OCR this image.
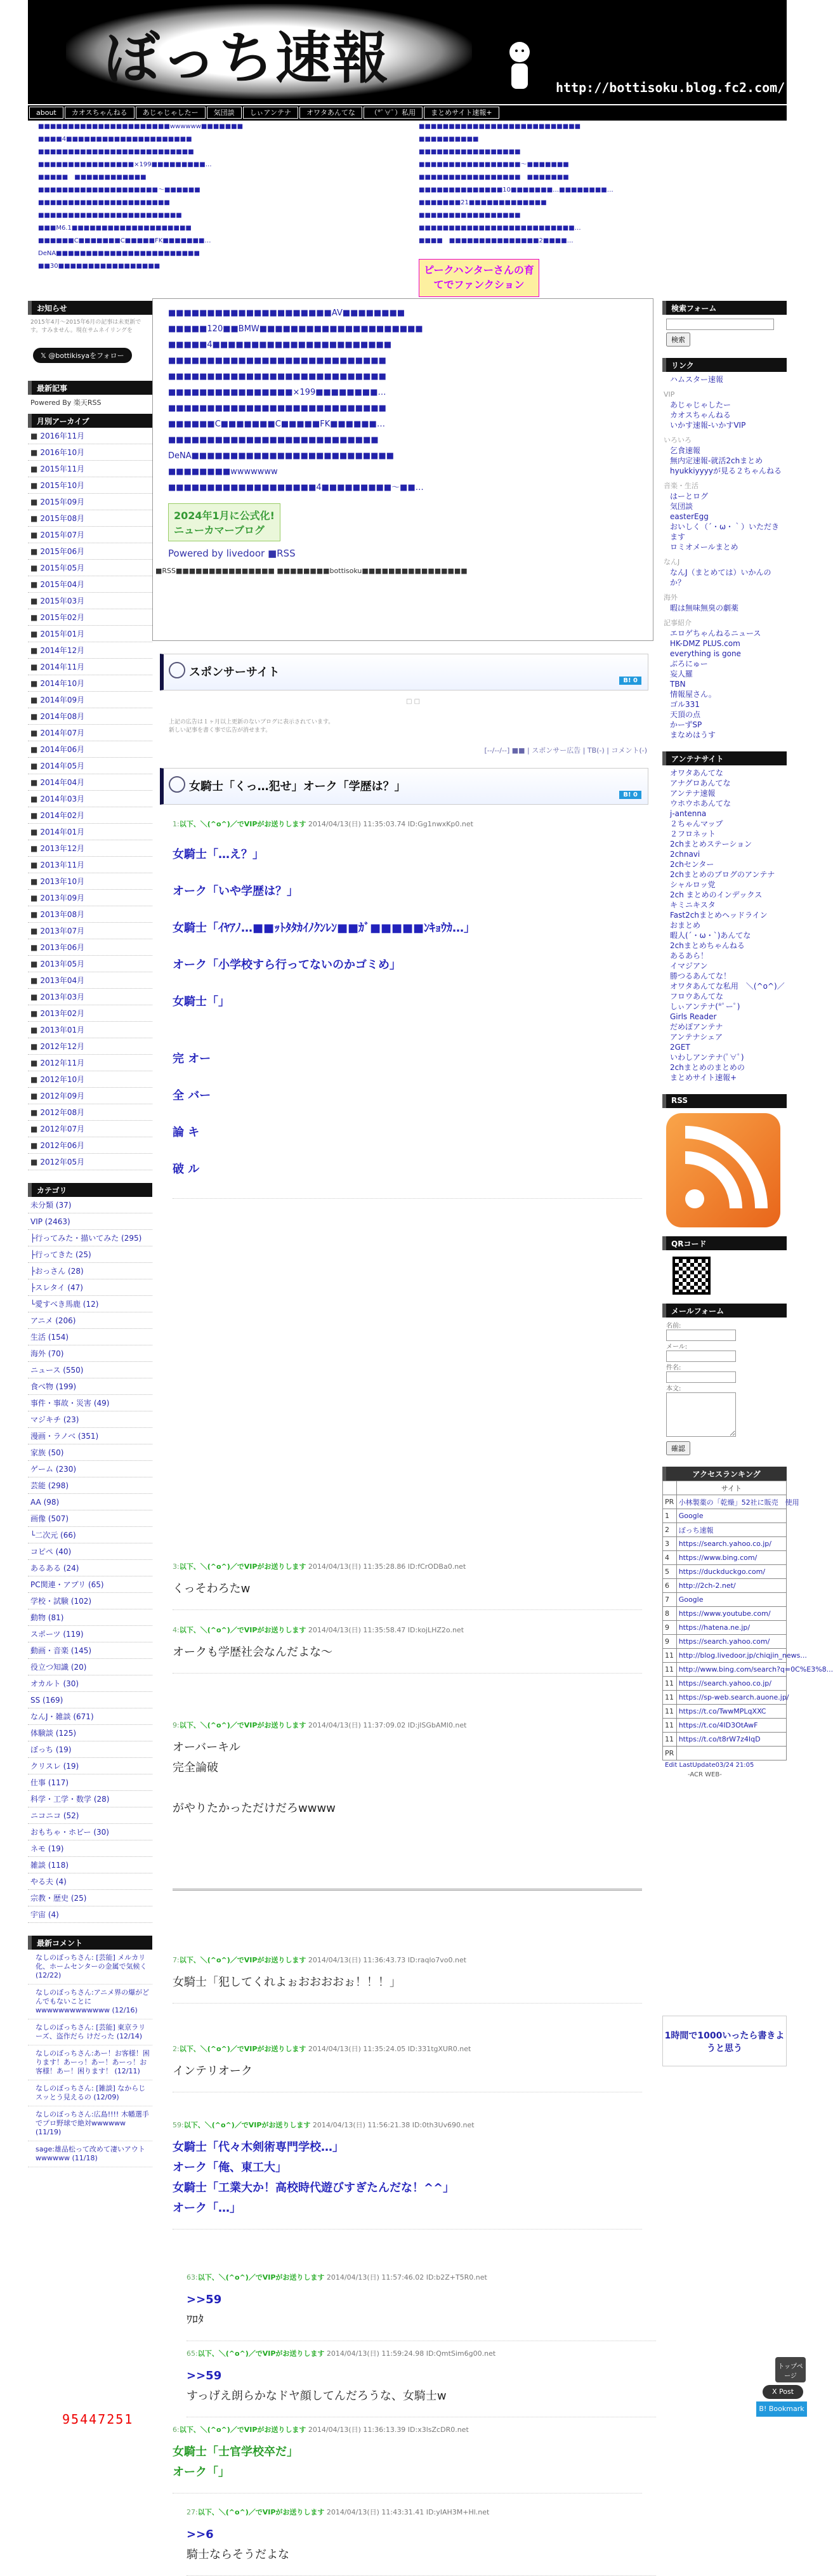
ぼっち速報	http://bottisoku.blog.fc2.com/
about	カオスちゃんねる	あじゃじゃしたー	気団談	しぃアンテナ	オワタあんてな	（*ﾟ∀ﾟ）私用	まとめサイト速報+
■■■■■■■■■■■■■■■■■■■■■■wwwwww■■■■■■■
■■■■4■■■■■■■■■■■■■■■■■■■■■
■■■■■■■■■■■■■■■■■■■■■■■■■■
■■■■■■■■■■■■■■■■×199■■■■■■■■■…
■■■■■　■■■■■■■■■■■■
■■■■■■■■■■■■■■■■■■■■～■■■■■■
■■■■■■■■■■■■■■■■■■■■■■
■■■■■■■■■■■■■■■■■■■■■■■■
■■■M6.1■■■■■■■■■■■■■■■■■■■■
■■■■■■C■■■■■■■C■■■■■FK■■■■■■■…
DeNA■■■■■■■■■■■■■■■■■■■■■■■■
■■30■■■■■■■■■■■■■■■■■
■■■■■■■■■■■■■■■■■■■■■■■■■■■
■■■■■■■■■■
■■■■■■■■■■■■■■■■■
■■■■■■■■■■■■■■■■■～■■■■■■■
■■■■■■■■■■■■■■■■■　■■■■■■■
■■■■■■■■■■■■■■10■■■■■■■…■■■■■■■■…
■■■■■■■21■■■■■■■■■■■■■
■■■■■■■■■■■■■■■■■
■■■■■■■■■■■■■■■■■■■■■■■■■■…
■■■■　■■■■■■■■■■■■■■■2■■■■…
ピークハンターさんの育てでファンクション
お知らせ
2015年4月〜2015年6月の記事は未更新です。すみません。現在サムネイリングを
𝕏 @bottikisyaをフォロー
最新記事
Powered By 楽天RSS
月別アーカイブ
■ 2016年11月
■ 2016年10月
■ 2015年11月
■ 2015年10月
■ 2015年09月
■ 2015年08月
■ 2015年07月
■ 2015年06月
■ 2015年05月
■ 2015年04月
■ 2015年03月
■ 2015年02月
■ 2015年01月
■ 2014年12月
■ 2014年11月
■ 2014年10月
■ 2014年09月
■ 2014年08月
■ 2014年07月
■ 2014年06月
■ 2014年05月
■ 2014年04月
■ 2014年03月
■ 2014年02月
■ 2014年01月
■ 2013年12月
■ 2013年11月
■ 2013年10月
■ 2013年09月
■ 2013年08月
■ 2013年07月
■ 2013年06月
■ 2013年05月
■ 2013年04月
■ 2013年03月
■ 2013年02月
■ 2013年01月
■ 2012年12月
■ 2012年11月
■ 2012年10月
■ 2012年09月
■ 2012年08月
■ 2012年07月
■ 2012年06月
■ 2012年05月
カテゴリ
未分類 (37)
VIP (2463)
├行ってみた・描いてみた (295)
├行ってきた (25)
├おっさん (28)
├スレタイ (47)
└愛すべき馬鹿 (12)
アニメ (206)
生活 (154)
海外 (70)
ニュース (550)
食べ物 (199)
事件・事故・災害 (49)
マジキチ (23)
漫画・ラノベ (351)
家族 (50)
ゲーム (230)
芸能 (298)
AA (98)
画像 (507)
└二次元 (66)
コピペ (40)
あるある (24)
PC関連・アプリ (65)
学校・試験 (102)
動物 (81)
スポーツ (119)
動画・音楽 (145)
役立つ知識 (20)
オカルト (30)
SS (169)
なんJ・雑談 (671)
体験談 (125)
ぼっち (19)
クリスレ (19)
仕事 (117)
科学・工学・数学 (28)
ニコニコ (52)
おもちゃ・ホビー (30)
ネモ (19)
雑談 (118)
やる夫 (4)
宗教・歴史 (25)
宇宙 (4)
最新コメント
なしのぼっちさん: [芸能] メルカリ化、ホームセンターの金属で気候く (12/22)
なしのぼっちさん:アニメ界の爆がどんでもないことにwwwwwwwwwwwww (12/16)
なしのぼっちさん: [芸能] 東京ラリーズ、盗作だら けだった (12/14)
なしのぼっちさん:あー！お客様！困ります！あーっ！あー！あーっ！お客様！あー！困ります！ (12/11)
なしのぼっちさん: [雑談] なからじスッとう見えるの (12/09)
なしのぼっちさん:広島!!!! 木幡選手でプロ野球で絶対wwwwww (11/19)
sage:雄品松って改めて凄いアウトwwwwww (11/18)
95447251
■■■■■■■■■■■■■■■■■■■■■AV■■■■■■■■
■■■■■120■■BMW■■■■■■■■■■■■■■■■■■■■■
■■■■■4■■■■■■■■■■■■■■■■■■■■■■■
■■■■■■■■■■■■■■■■■■■■■■■■■■■■
■■■■■■■■■■■■■■■■■■■■■■■■■■■■
■■■■■■■■■■■■■■■■×199■■■■■■■■…
■■■■■■■■■■■■■■■■■■■■■■■■■■■■
■■■■■■C■■■■■■■C■■■■■FK■■■■■■…
■■■■■■■■■■■■■■■■■■■■■■■■■■■
DeNA■■■■■■■■■■■■■■■■■■■■■■■■■■
■■■■■■■■wwwwwww
■■■■■■■■■■■■■■■■■■■4■■■■■■■■■～■■…
2024年1月に公式化!
ニューカマーブログ
Powered by livedoor ■RSS
■RSS■■■■■■■■■■■■■■■ ■■■■■■■■bottisoku■■■■■■■■■■■■■■■■
スポンサーサイト
B! 0
□ □
上記の広告は１ヶ月以上更新のないブログに表示されています。
新しい記事を書く事で広告が消せます。
[--/--/--] ■■ | スポンサー広告 | TB(-) | コメント(-)
女騎士「くっ…犯せ」オーク「学歴は？」
B! 0
1:以下、＼(^o^)／でVIPがお送りします 2014/04/13(日) 11:35:03.74 ID:Gg1nwxKp0.net
女騎士「…え？」
オーク「いや学歴は？」
女騎士「ｲﾔｱﾉ…■■ｯﾄﾀﾀｶｲﾉｸﾝﾚﾝ■■ｶﾞ■■■■■ﾝｷｮｳｶ…」
オーク「小学校すら行ってないのかゴミめ」
女騎士「」
完 オー
全 バー
論 キ
破 ル
3:以下、＼(^o^)／でVIPがお送りします 2014/04/13(日) 11:35:28.86 ID:fCrODBa0.net
くっそわろたw
4:以下、＼(^o^)／でVIPがお送りします 2014/04/13(日) 11:35:58.47 ID:kojLHZ2o.net
オークも学歴社会なんだよな～
9:以下、＼(^o^)／でVIPがお送りします 2014/04/13(日) 11:37:09.02 ID:jlSGbAMl0.net
オーバーキル
完全論破
がやりたかっただけだろwwww
7:以下、＼(^o^)／でVIPがお送りします 2014/04/13(日) 11:36:43.73 ID:raqlo7vo0.net
女騎士「犯してくれよぉおおおおぉ！！！」
2:以下、＼(^o^)／でVIPがお送りします 2014/04/13(日) 11:35:24.05 ID:331tgXUR0.net
インテリオーク
59:以下、＼(^o^)／でVIPがお送りします 2014/04/13(日) 11:56:21.38 ID:0th3Uv690.net
女騎士「代々木剣術専門学校…」
オーク「俺、東工大」
女騎士「工業大か！高校時代遊びすぎたんだな！^^」
オーク「…」
63:以下、＼(^o^)／でVIPがお送りします 2014/04/13(日) 11:57:46.02 ID:b2Z+T5R0.net
>>59
ﾜﾛﾀ
65:以下、＼(^o^)／でVIPがお送りします 2014/04/13(日) 11:59:24.98 ID:QmtSim6g00.net
>>59
すっげえ朗らかなドヤ顔してんだろうな、女騎士w
6:以下、＼(^o^)／でVIPがお送りします 2014/04/13(日) 11:36:13.39 ID:x3lsZcDR0.net
女騎士「士官学校卒だ」
オーク「」
27:以下、＼(^o^)／でVIPがお送りします 2014/04/13(日) 11:43:31.41 ID:yIAH3M+Hl.net
>>6
騎士ならそうだよな
検索フォーム
検索
リンク
ハムスター速報
VIP
あじゃじゃしたー
カオスちゃんねる
いかす速報-いかすVIP
いろいろ
乞食速報
無内定速報-就活2chまとめ
hyukkiyyyyが見る２ちゃんねる
音楽・生活
はーとログ
気団談
easterEgg
おいしく（´・ω・｀）いただきます
ロミオメールまとめ
なんJ
なんJ（まとめては）いかんのか？
海外
暇は無味無臭の劇薬
記事紹介
エロゲちゃんねるニュース
HK-DMZ PLUS.com
everything is gone
ぶろにゅー
妄人羅
TBN
情報屋さん。
ゴル331
天頂の点
かーずSP
まなめはうす
アンテナサイト
オワタあんてな
アナグロあんてな
アンテナ速報
ウホウホあんてな
j-antenna
２ちゃんマップ
２フロネット
2chまとめステーション
2chnavi
2chセンター
2chまとめのブログのアンテナ
シャルロッ党
2ch まとめのインデックス
キミニキスタ
Fast2chまとめヘッドライン
おまとめ
暇人(´・ω・`)あんてな
2chまとめちゃんねる
あるあら！
イマジアン
勝つるあんてな！
オワタあんてな私用　＼(^o^)／
フロウあんてな
しぃアンテナ(*ﾟーﾟ)
Girls Reader
だめぽアンテナ
アンテナシェア
2GET
いわしアンテナ(ﾟ∀ﾟ)
2chまとめのまとめの
まとめサイト速報+
RSS
QRコード
メールフォーム
名前:
メール:
件名:
本文:
確認
アクセスランキング
	サイト
PR	小林製薬の「乾燥」52社に販売　使用
1	Google
2	ぼっち速報
3	https://search.yahoo.co.jp/
4	https://www.bing.com/
5	https://duckduckgo.com/
6	http://2ch-2.net/
7	Google
8	https://www.youtube.com/
9	https://hatena.ne.jp/
9	https://search.yahoo.com/
11	http://blog.livedoor.jp/chiqjin_news...
11	http://www.bing.com/search?q=0C%E3%8...
11	https://search.yahoo.co.jp/
11	https://sp-web.search.auone.jp/
11	https://t.co/TwwMPLqXXC
11	https://t.co/4ID3OtAwF
11	https://t.co/t8rW7z4IqD
PR	
Edit LastUpdate03/24 21:05
-ACR WEB-
1時間で1000いったら書きようと思う
トップページ
X Post
B! Bookmark
